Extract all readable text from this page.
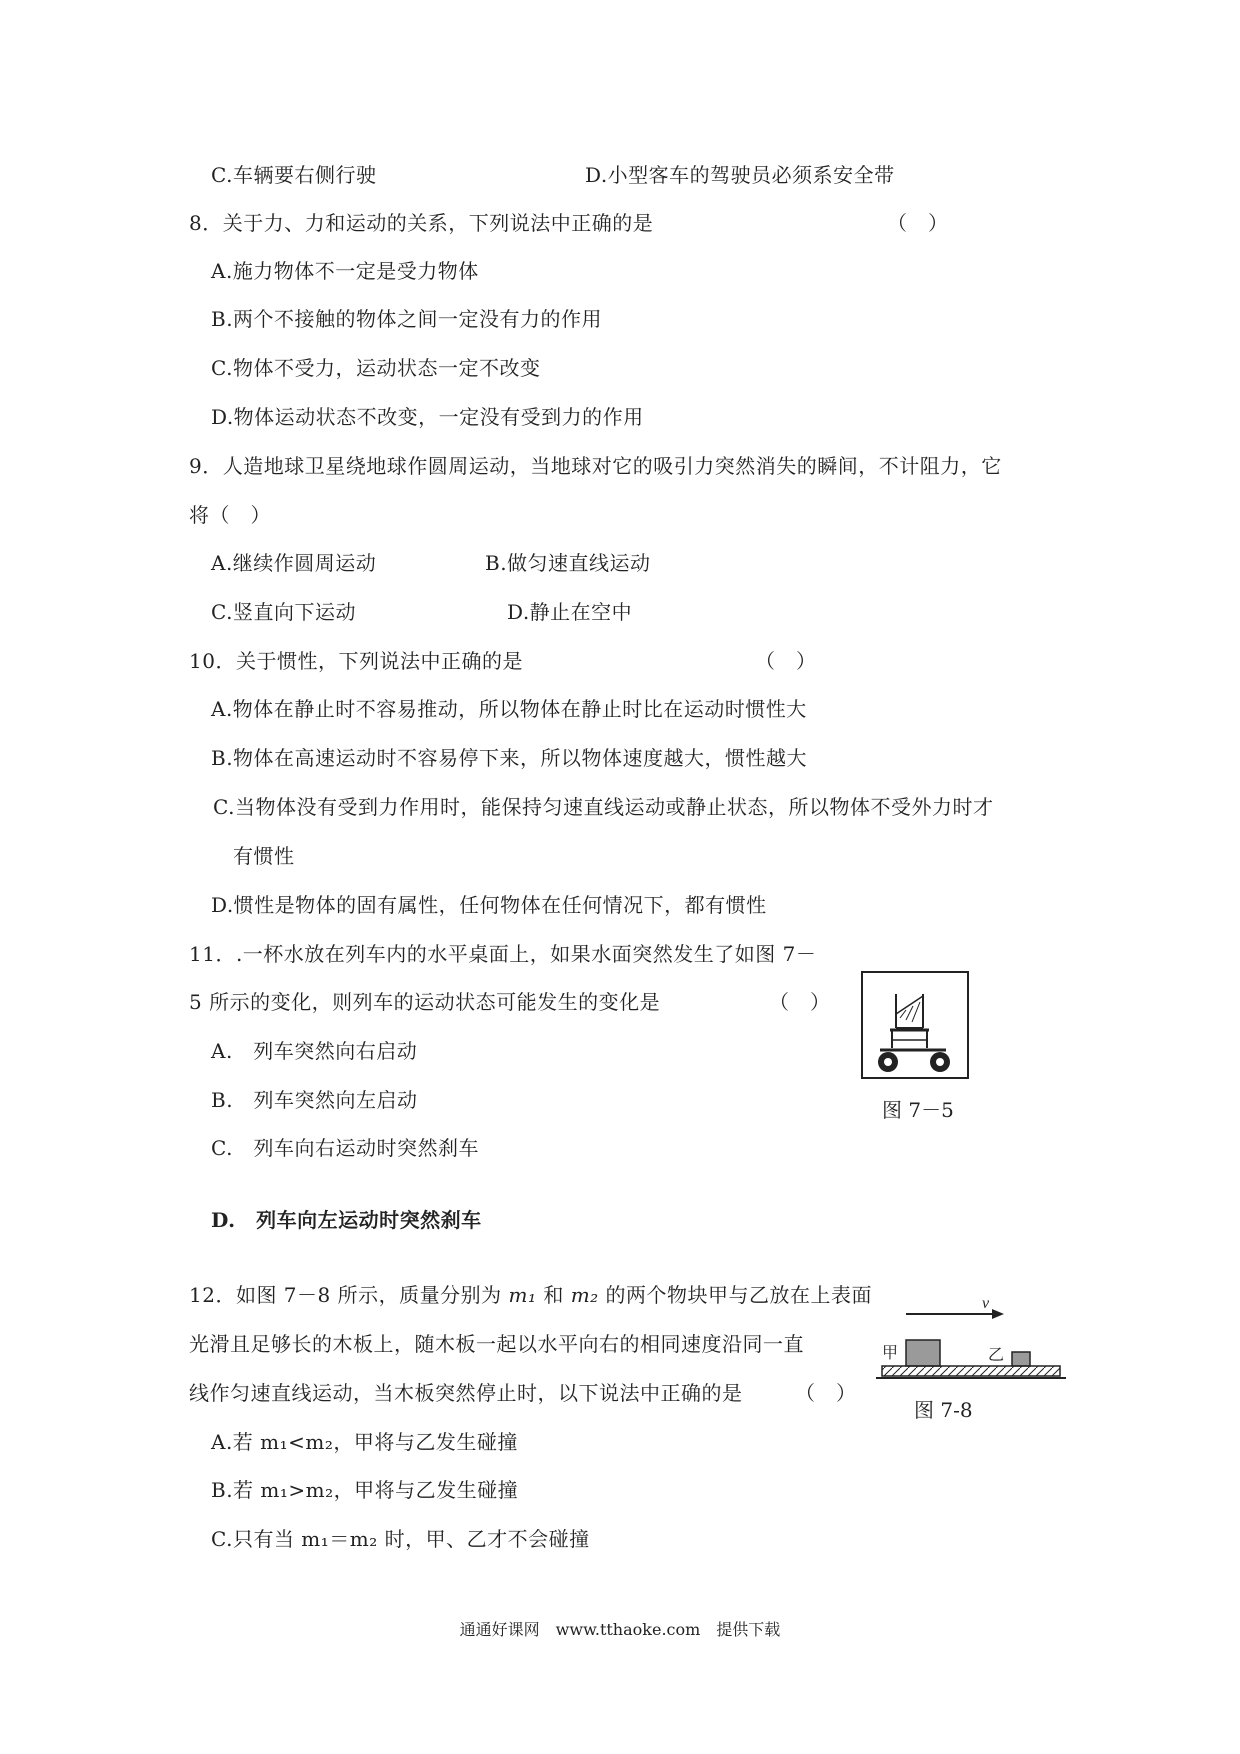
C.车辆要右侧行驶	D.小型客车的驾驶员必须系安全带
8．关于力、力和运动的关系，下列说法中正确的是	（　）
A.施力物体不一定是受力物体
B.两个不接触的物体之间一定没有力的作用
C.物体不受力，运动状态一定不改变
D.物体运动状态不改变，一定没有受到力的作用
9．人造地球卫星绕地球作圆周运动，当地球对它的吸引力突然消失的瞬间，不计阻力，它
将（　）
A.继续作圆周运动	B.做匀速直线运动
C.竖直向下运动	D.静止在空中
10．关于惯性，下列说法中正确的是	（　）
A.物体在静止时不容易推动，所以物体在静止时比在运动时惯性大
B.物体在高速运动时不容易停下来，所以物体速度越大，惯性越大
C.当物体没有受到力作用时，能保持匀速直线运动或静止状态，所以物体不受外力时才
有惯性
D.惯性是物体的固有属性，任何物体在任何情况下，都有惯性
11．.一杯水放在列车内的水平桌面上，如果水面突然发生了如图 7－
5 所示的变化，则列车的运动状态可能发生的变化是	（　）
A.　列车突然向右启动
B.　列车突然向左启动
C.　列车向右运动时突然刹车
D.　列车向左运动时突然刹车
图 7－5
12．如图 7－8 所示，质量分别为 m₁ 和 m₂ 的两个物块甲与乙放在上表面
光滑且足够长的木板上，随木板一起以水平向右的相同速度沿同一直
线作匀速直线运动，当木板突然停止时，以下说法中正确的是	（　）
A.若 m₁<m₂，甲将与乙发生碰撞
B.若 m₁>m₂，甲将与乙发生碰撞
C.只有当 m₁＝m₂ 时，甲、乙才不会碰撞
v
甲	乙
图 7-8
通通好课网　www.tthaoke.com　提供下载
